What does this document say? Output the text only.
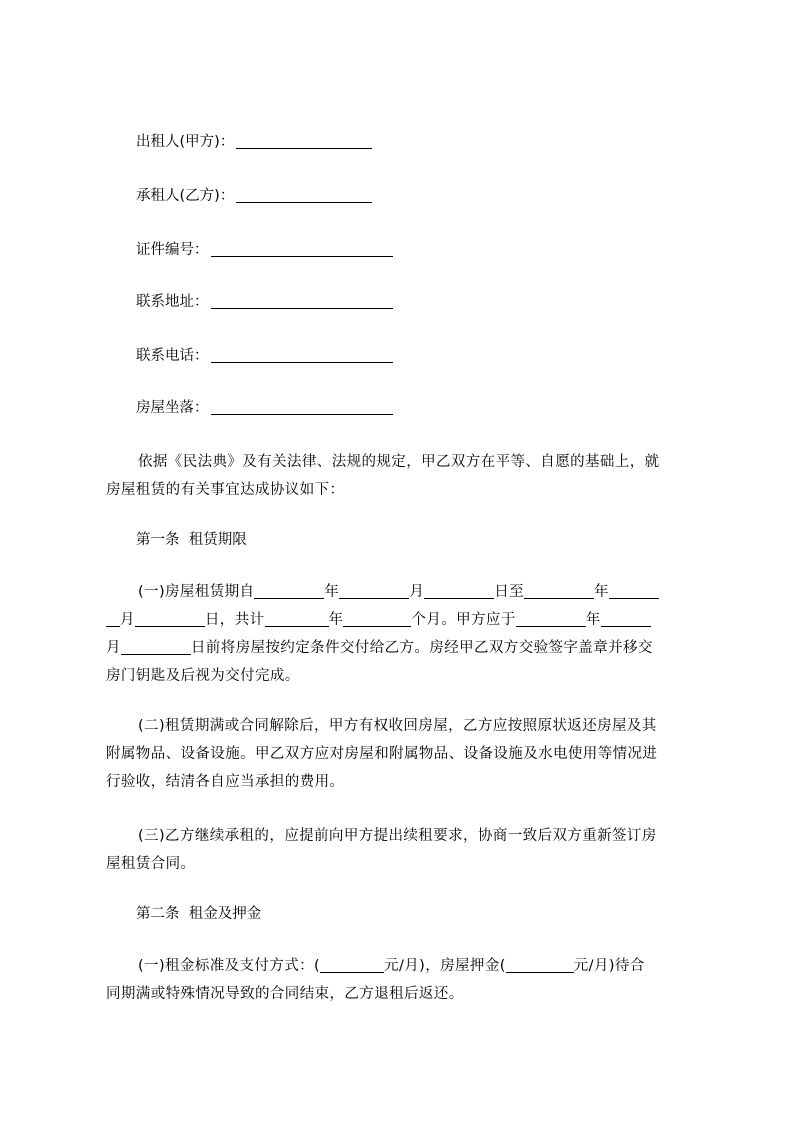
出租人(甲方)：
承租人(乙方)：
证件编号：
联系地址：
联系电话：
房屋坐落：
依据《民法典》及有关法律、法规的规定，甲乙双方在平等、自愿的基础上，就
房屋租赁的有关事宜达成协议如下：
第一条  租赁期限
(一)房屋租赁期自	年	月	日至	年
月	日，共计	年	个月。甲方应于	年
月	日前将房屋按约定条件交付给乙方。房经甲乙双方交验签字盖章并移交
房门钥匙及后视为交付完成。
(二)租赁期满或合同解除后，甲方有权收回房屋，乙方应按照原状返还房屋及其
附属物品、设备设施。甲乙双方应对房屋和附属物品、设备设施及水电使用等情况进
行验收，结清各自应当承担的费用。
(三)乙方继续承租的，应提前向甲方提出续租要求，协商一致后双方重新签订房
屋租赁合同。
第二条  租金及押金
(一)租金标准及支付方式：(	元/月)，房屋押金(	元/月)待合
同期满或特殊情况导致的合同结束，乙方退租后返还。
